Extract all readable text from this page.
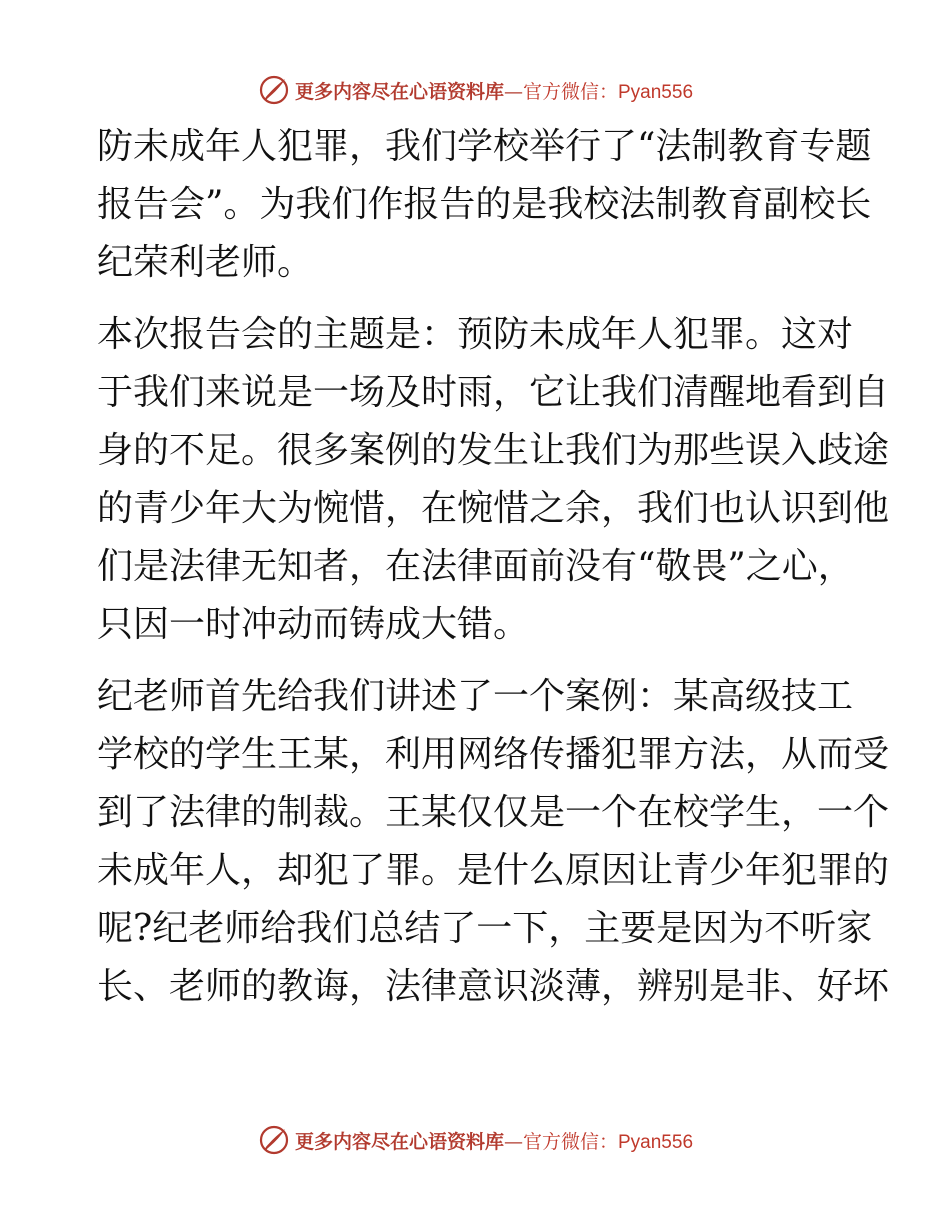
更多内容尽在心语资料库—官方微信：Pyan556
防未成年人犯罪，我们学校举行了“法制教育专题
报告会”。为我们作报告的是我校法制教育副校长
纪荣利老师。
本次报告会的主题是：预防未成年人犯罪。这对
于我们来说是一场及时雨，它让我们清醒地看到自
身的不足。很多案例的发生让我们为那些误入歧途
的青少年大为惋惜，在惋惜之余，我们也认识到他
们是法律无知者，在法律面前没有“敬畏”之心，
只因一时冲动而铸成大错。
纪老师首先给我们讲述了一个案例：某高级技工
学校的学生王某，利用网络传播犯罪方法，从而受
到了法律的制裁。王某仅仅是一个在校学生，一个
未成年人，却犯了罪。是什么原因让青少年犯罪的
呢?纪老师给我们总结了一下，主要是因为不听家
长、老师的教诲，法律意识淡薄，辨别是非、好坏
更多内容尽在心语资料库—官方微信：Pyan556
